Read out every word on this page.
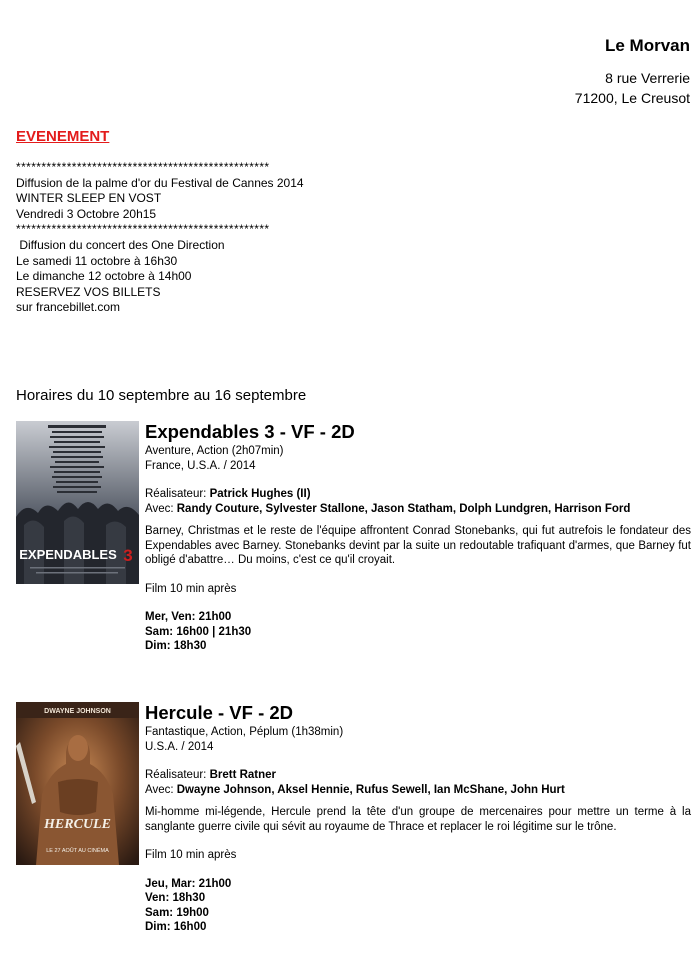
Le Morvan
8 rue Verrerie
71200, Le Creusot
EVENEMENT
**************************************************
Diffusion de la palme d'or du Festival de Cannes 2014
WINTER SLEEP EN VOST
Vendredi 3 Octobre 20h15
**************************************************
Diffusion du concert des One Direction
Le samedi 11 octobre à 16h30
Le dimanche 12 octobre à 14h00
RESERVEZ VOS BILLETS
sur francebillet.com
Horaires du 10 septembre au 16 septembre
EXPENDABLES 3
Expendables 3 - VF - 2D
Aventure, Action (2h07min)
France, U.S.A. / 2014
Réalisateur: Patrick Hughes (II)
Avec: Randy Couture, Sylvester Stallone, Jason Statham, Dolph Lundgren, Harrison Ford
Barney, Christmas et le reste de l'équipe affrontent Conrad Stonebanks, qui fut autrefois le fondateur des Expendables avec Barney. Stonebanks devint par la suite un redoutable trafiquant d'armes, que Barney fut obligé d'abattre… Du moins, c'est ce qu'il croyait.
Film 10 min après
Mer, Ven: 21h00
Sam: 16h00 | 21h30
Dim: 18h30
DWAYNE JOHNSON
HERCULE
LE 27 AOÛT AU CINÉMA
Hercule - VF - 2D
Fantastique, Action, Péplum (1h38min)
U.S.A. / 2014
Réalisateur: Brett Ratner
Avec: Dwayne Johnson, Aksel Hennie, Rufus Sewell, Ian McShane, John Hurt
Mi-homme mi-légende, Hercule prend la tête d'un groupe de mercenaires pour mettre un terme à la sanglante guerre civile qui sévit au royaume de Thrace et replacer le roi légitime sur le trône.
Film 10 min après
Jeu, Mar: 21h00
Ven: 18h30
Sam: 19h00
Dim: 16h00
